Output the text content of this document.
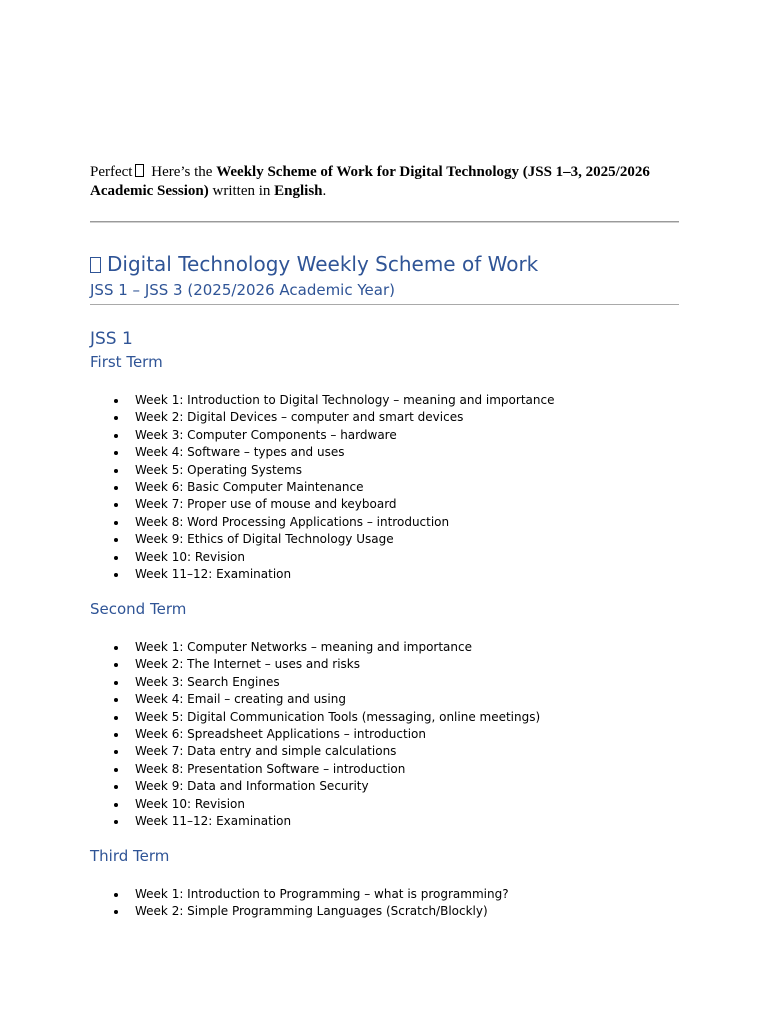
Perfect Here’s the Weekly Scheme of Work for Digital Technology (JSS 1–3, 2025/2026 Academic Session) written in English.
Digital Technology Weekly Scheme of Work
JSS 1 – JSS 3 (2025/2026 Academic Year)
JSS 1
First Term
Week 1: Introduction to Digital Technology – meaning and importance
Week 2: Digital Devices – computer and smart devices
Week 3: Computer Components – hardware
Week 4: Software – types and uses
Week 5: Operating Systems
Week 6: Basic Computer Maintenance
Week 7: Proper use of mouse and keyboard
Week 8: Word Processing Applications – introduction
Week 9: Ethics of Digital Technology Usage
Week 10: Revision
Week 11–12: Examination
Second Term
Week 1: Computer Networks – meaning and importance
Week 2: The Internet – uses and risks
Week 3: Search Engines
Week 4: Email – creating and using
Week 5: Digital Communication Tools (messaging, online meetings)
Week 6: Spreadsheet Applications – introduction
Week 7: Data entry and simple calculations
Week 8: Presentation Software – introduction
Week 9: Data and Information Security
Week 10: Revision
Week 11–12: Examination
Third Term
Week 1: Introduction to Programming – what is programming?
Week 2: Simple Programming Languages (Scratch/Blockly)
